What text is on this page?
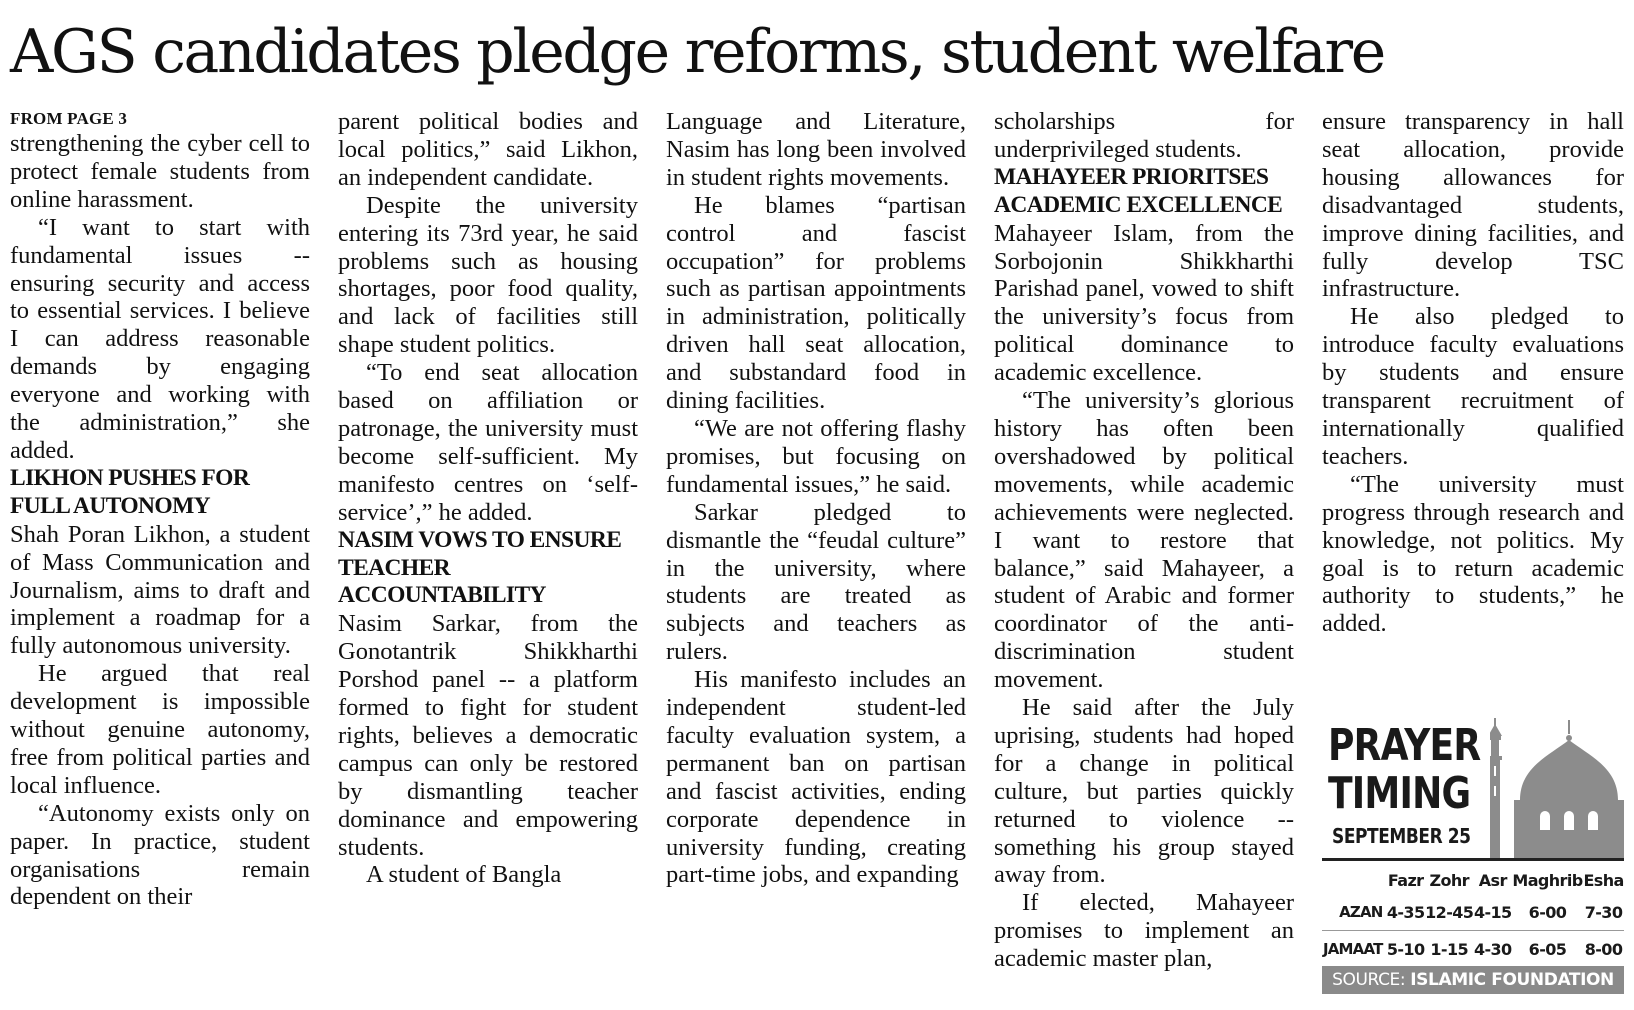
AGS candidates pledge reforms, student welfare
FROM PAGE 3

strengthening the cyber cell to protect female students from online harassment.

“I want to start with fundamental issues -- ensuring security and access to essential services. I believe I can address reasonable demands by engaging everyone and working with the administration,” she added.

LIKHON PUSHES FOR FULL AUTONOMY

Shah Poran Likhon, a student of Mass Communication and Journalism, aims to draft and implement a roadmap for a fully autonomous university.

He argued that real development is impossible without genuine autonomy, free from political parties and local influence.

“Autonomy exists only on paper. In practice, student organisations remain dependent on their

parent political bodies and local politics,” said Likhon, an independent candidate.

Despite the university entering its 73rd year, he said problems such as housing shortages, poor food quality, and lack of facilities still shape student politics.

“To end seat allocation based on affiliation or patronage, the university must become self-sufficient. My manifesto centres on ‘self-service’,” he added.

NASIM VOWS TO ENSURE TEACHER ACCOUNTABILITY

Nasim Sarkar, from the Gonotantrik Shikkharthi Porshod panel -- a platform formed to fight for student rights, believes a democratic campus can only be restored by dismantling teacher dominance and empowering students.

A student of Bangla

Language and Literature, Nasim has long been involved in student rights movements.

He blames “partisan control and fascist occupation” for problems such as partisan appointments in administration, politically driven hall seat allocation, and substandard food in dining facilities.

“We are not offering flashy promises, but focusing on fundamental issues,” he said.

Sarkar pledged to dismantle the “feudal culture” in the university, where students are treated as subjects and teachers as rulers.

His manifesto includes an independent student-led faculty evaluation system, a permanent ban on partisan and fascist activities, ending corporate dependence in university funding, creating part-time jobs, and expanding

scholarships for underprivileged students.

MAHAYEER PRIORITSES ACADEMIC EXCELLENCE

Mahayeer Islam, from the Sorbojonin Shikkharthi Parishad panel, vowed to shift the university’s focus from political dominance to academic excellence.

“The university’s glorious history has often been overshadowed by political movements, while academic achievements were neglected. I want to restore that balance,” said Mahayeer, a student of Arabic and former coordinator of the anti-discrimination student movement.

He said after the July uprising, students had hoped for a change in political culture, but parties quickly returned to violence -- something his group stayed away from.

If elected, Mahayeer promises to implement an academic master plan,

ensure transparency in hall seat allocation, provide housing allowances for disadvantaged students, improve dining facilities, and fully develop TSC infrastructure.

He also pledged to introduce faculty evaluations by students and ensure transparent recruitment of internationally qualified teachers.

“The university must progress through research and knowledge, not politics. My goal is to return academic authority to students,” he added.

PRAYER
TIMING
SEPTEMBER 25
	Fazr	Zohr	Asr	Maghrib	Esha
AZAN	4-35	12-45	4-15	6-00	7-30
JAMAAT	5-10	1-15	4-30	6-05	8-00
SOURCE: ISLAMIC FOUNDATION
